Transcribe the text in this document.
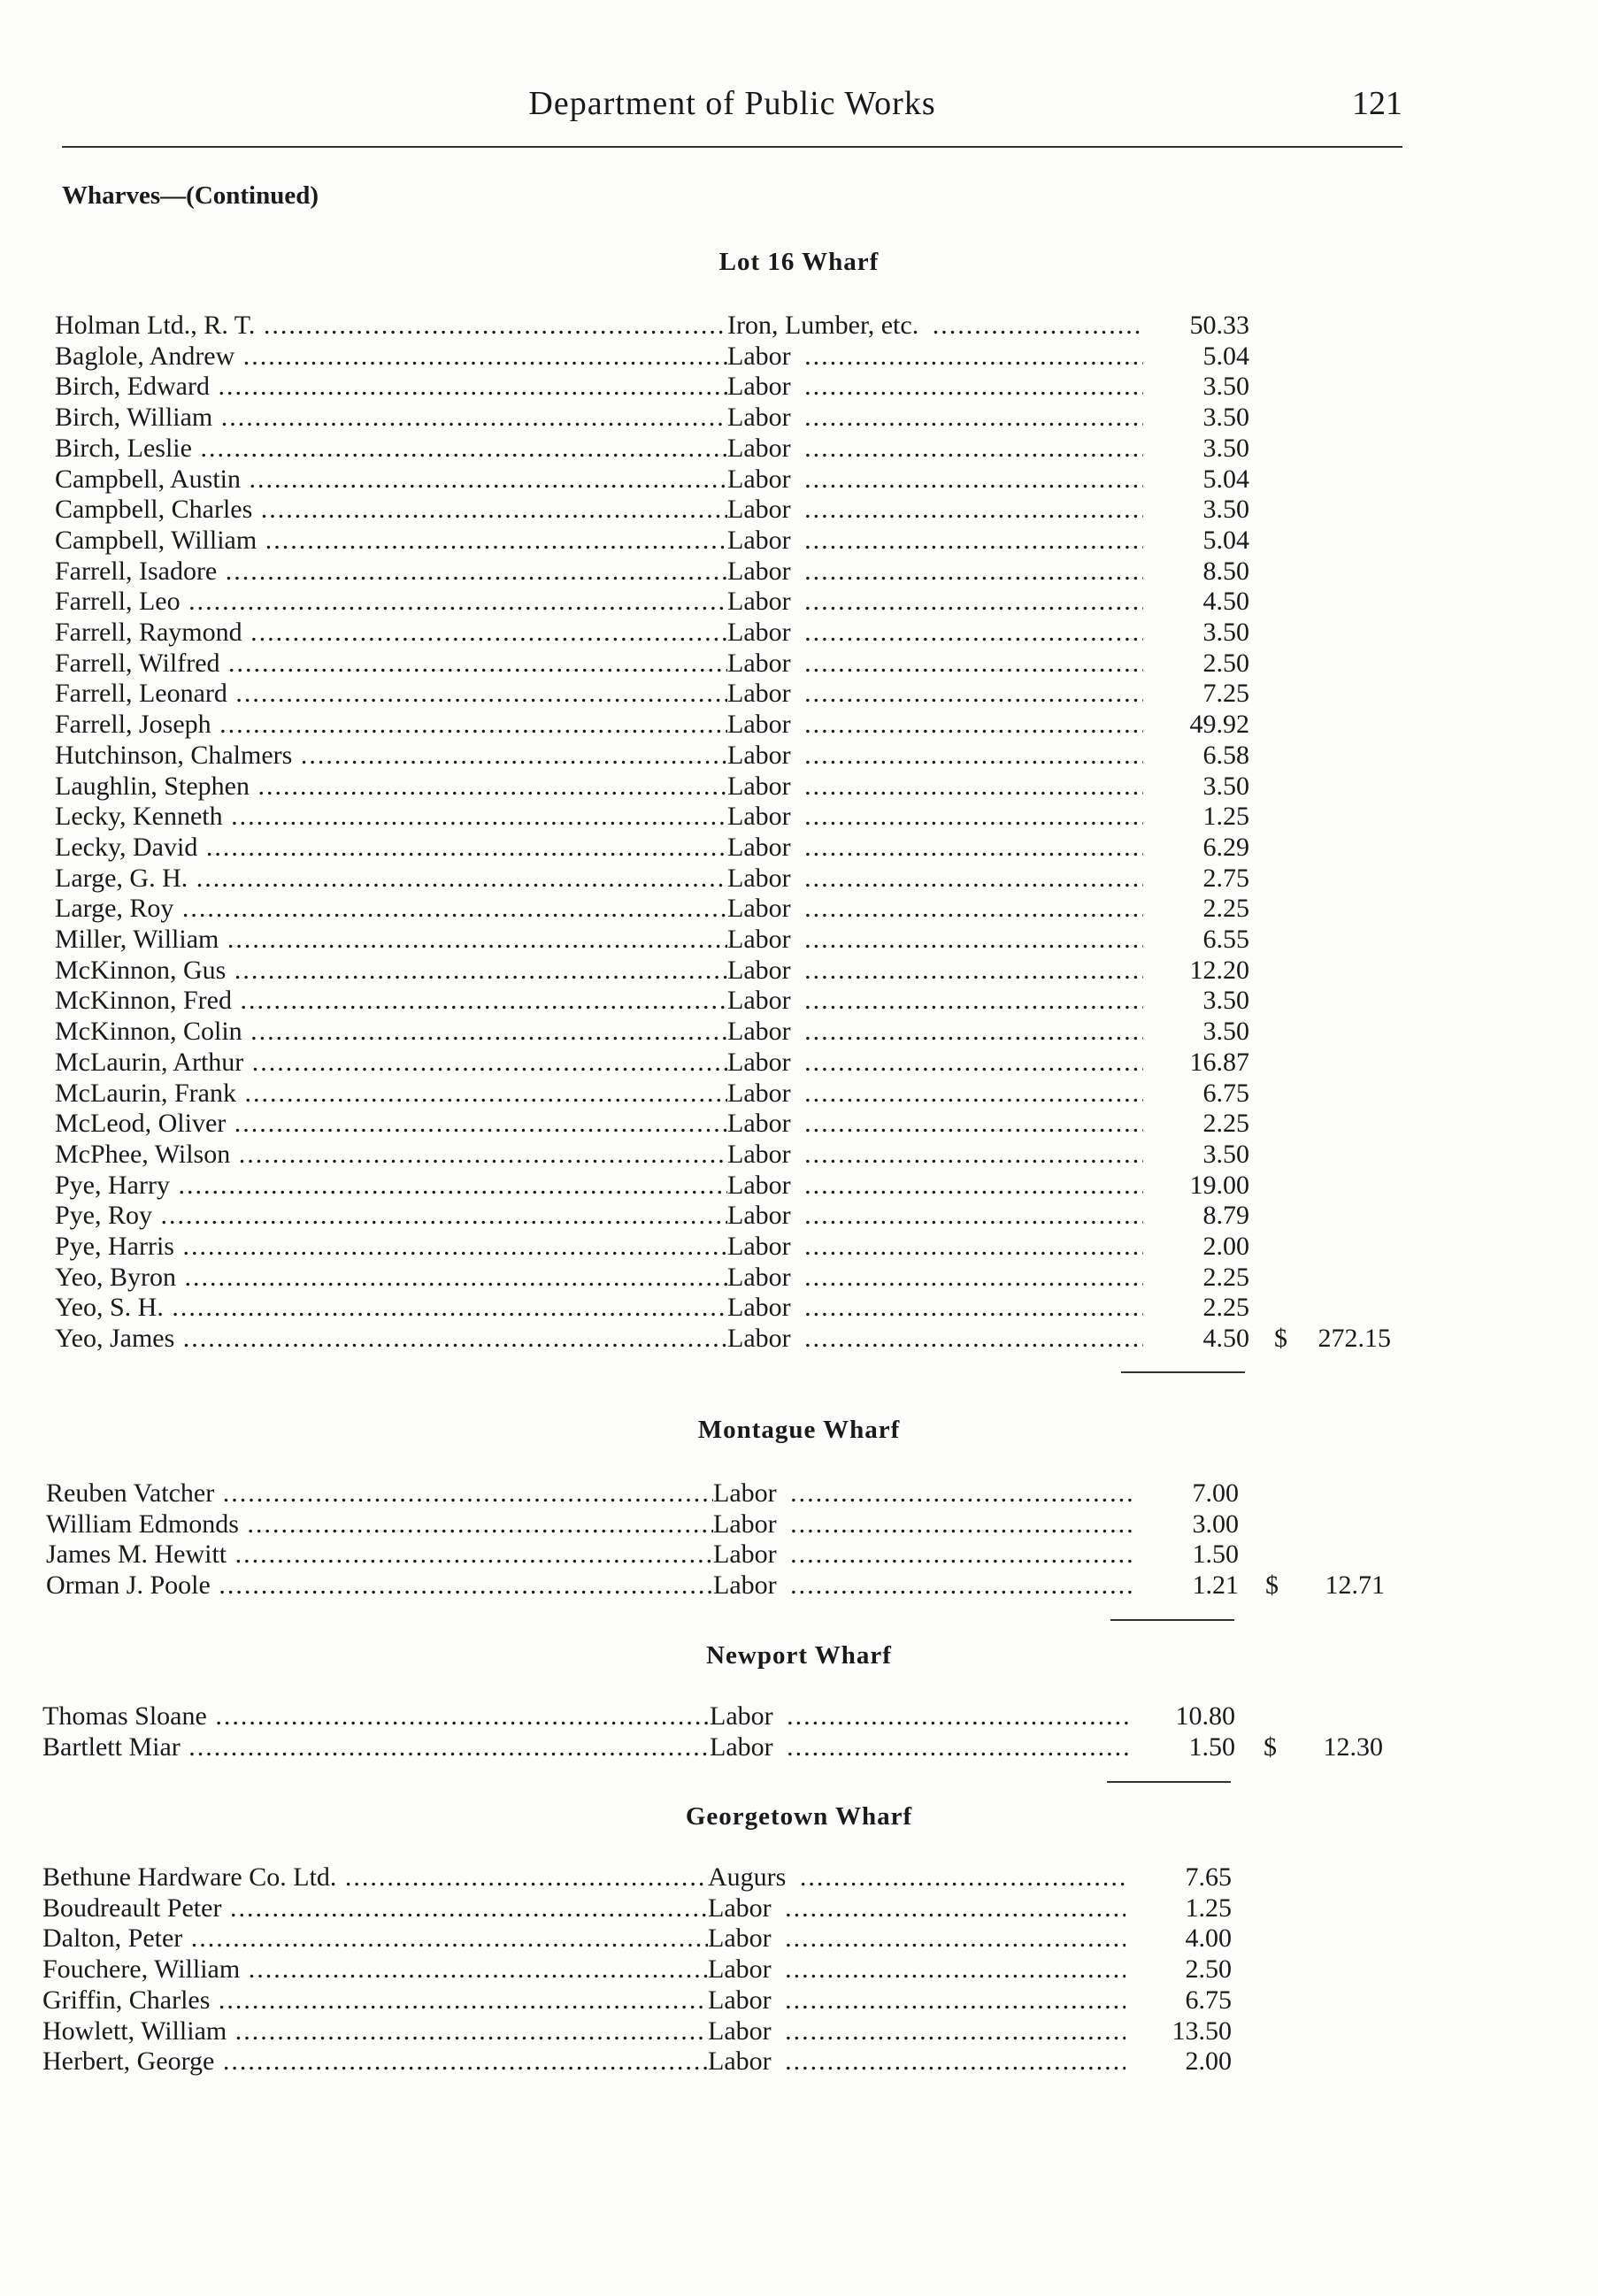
Department of Public Works	121
Wharves—(Continued)
Lot 16 Wharf
Holman Ltd., R. T. .....	Iron, Lumber, etc. .....	50.33
Baglole, Andrew .....	Labor .....	5.04
Birch, Edward .....	Labor .....	3.50
Birch, William .....	Labor .....	3.50
Birch, Leslie .....	Labor .....	3.50
Campbell, Austin .....	Labor .....	5.04
Campbell, Charles .....	Labor .....	3.50
Campbell, William .....	Labor .....	5.04
Farrell, Isadore .....	Labor .....	8.50
Farrell, Leo .....	Labor .....	4.50
Farrell, Raymond .....	Labor .....	3.50
Farrell, Wilfred .....	Labor .....	2.50
Farrell, Leonard .....	Labor .....	7.25
Farrell, Joseph .....	Labor .....	49.92
Hutchinson, Chalmers .....	Labor .....	6.58
Laughlin, Stephen .....	Labor .....	3.50
Lecky, Kenneth .....	Labor .....	1.25
Lecky, David .....	Labor .....	6.29
Large, G. H. .....	Labor .....	2.75
Large, Roy .....	Labor .....	2.25
Miller, William .....	Labor .....	6.55
McKinnon, Gus .....	Labor .....	12.20
McKinnon, Fred .....	Labor .....	3.50
McKinnon, Colin .....	Labor .....	3.50
McLaurin, Arthur .....	Labor .....	16.87
McLaurin, Frank .....	Labor .....	6.75
McLeod, Oliver .....	Labor .....	2.25
McPhee, Wilson .....	Labor .....	3.50
Pye, Harry .....	Labor .....	19.00
Pye, Roy .....	Labor .....	8.79
Pye, Harris .....	Labor .....	2.00
Yeo, Byron .....	Labor .....	2.25
Yeo, S. H. .....	Labor .....	2.25
Yeo, James .....	Labor .....	4.50 $	272.15
Montague Wharf
Reuben Vatcher .....	Labor .....	7.00
William Edmonds .....	Labor .....	3.00
James M. Hewitt .....	Labor .....	1.50
Orman J. Poole .....	Labor .....	1.21 $	12.71
Newport Wharf
Thomas Sloane .....	Labor .....	10.80
Bartlett Miar .....	Labor .....	1.50 $	12.30
Georgetown Wharf
Bethune Hardware Co. Ltd. .....	Augurs .....	7.65
Boudreault Peter .....	Labor .....	1.25
Dalton, Peter .....	Labor .....	4.00
Fouchere, William .....	Labor .....	2.50
Griffin, Charles .....	Labor .....	6.75
Howlett, William .....	Labor .....	13.50
Herbert, George .....	Labor .....	2.00
